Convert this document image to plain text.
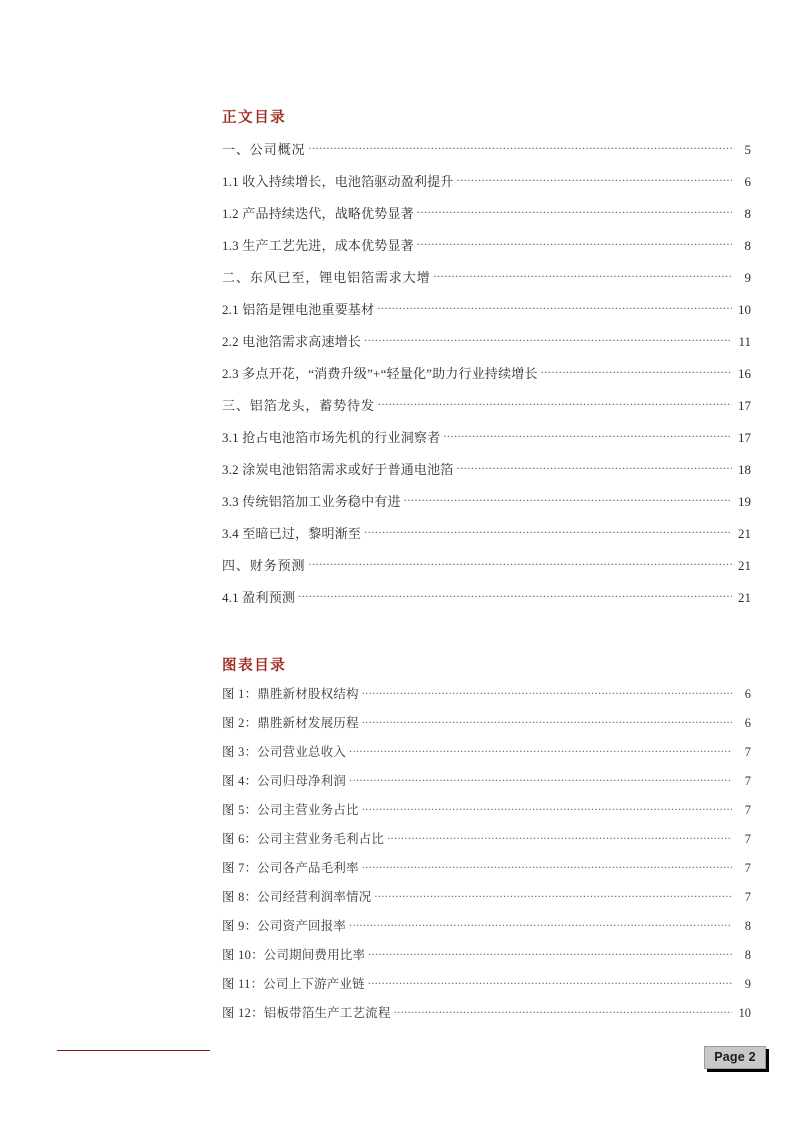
正文目录
一、公司概况 .....	5
1.1 收入持续增长，电池箔驱动盈利提升 .....	6
1.2 产品持续迭代，战略优势显著 .....	8
1.3 生产工艺先进，成本优势显著 .....	8
二、东风已至，锂电铝箔需求大增 .....	9
2.1 铝箔是锂电池重要基材 .....	10
2.2 电池箔需求高速增长 .....	11
2.3 多点开花，“消费升级”+“轻量化”助力行业持续增长 .....	16
三、铝箔龙头，蓄势待发 .....	17
3.1 抢占电池箔市场先机的行业洞察者 .....	17
3.2 涂炭电池铝箔需求或好于普通电池箔 .....	18
3.3 传统铝箔加工业务稳中有进 .....	19
3.4 至暗已过，黎明渐至 .....	21
四、财务预测 .....	21
4.1 盈利预测 .....	21
图表目录
图 1：鼎胜新材股权结构 .....	6
图 2：鼎胜新材发展历程 .....	6
图 3：公司营业总收入 .....	7
图 4：公司归母净利润 .....	7
图 5：公司主营业务占比 .....	7
图 6：公司主营业务毛利占比 .....	7
图 7：公司各产品毛利率 .....	7
图 8：公司经营利润率情况 .....	7
图 9：公司资产回报率 .....	8
图 10：公司期间费用比率 .....	8
图 11：公司上下游产业链 .....	9
图 12：铝板带箔生产工艺流程 .....	10
Page 2
